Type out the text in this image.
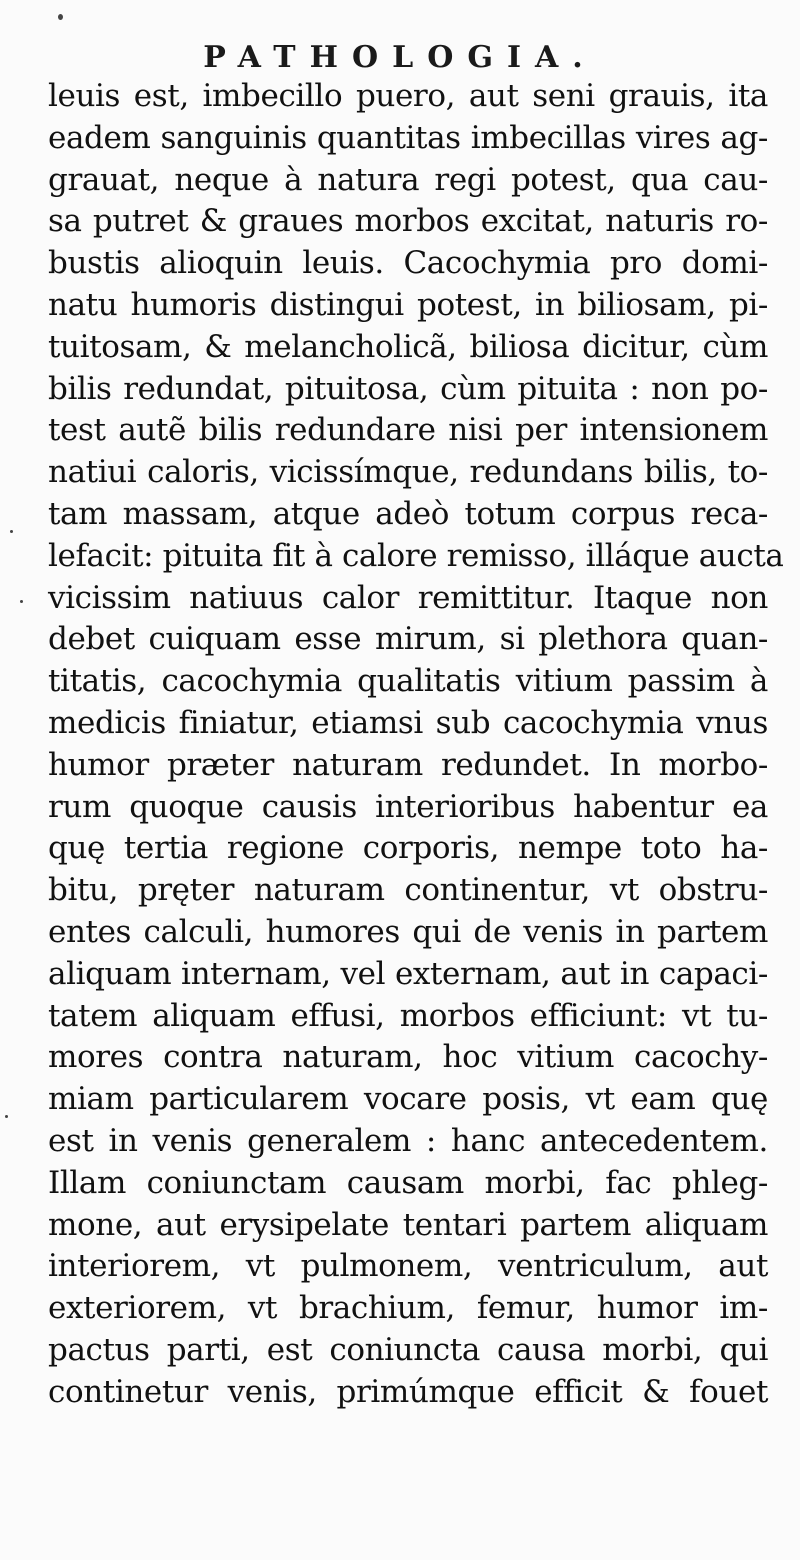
PATHOLOGIA.
leuis est, imbecillo puero, aut seni grauis, ita
eadem sanguinis quantitas imbecillas vires ag-
grauat, neque à natura regi potest, qua cau-
sa putret & graues morbos excitat, naturis ro-
bustis alioquin leuis. Cacochymia pro domi-
natu humoris distingui potest, in biliosam, pi-
tuitosam, & melancholicã, biliosa dicitur, cùm
bilis redundat, pituitosa, cùm pituita : non po-
test autẽ bilis redundare nisi per intensionem
natiui caloris, vicissímque, redundans bilis, to-
tam massam, atque adeò totum corpus reca-
lefacit: pituita fit à calore remisso, illáque aucta
vicissim natiuus calor remittitur. Itaque non
debet cuiquam esse mirum, si plethora quan-
titatis, cacochymia qualitatis vitium passim à
medicis finiatur, etiamsi sub cacochymia vnus
humor præter naturam redundet. In morbo-
rum quoque causis interioribus habentur ea
quę tertia regione corporis, nempe toto ha-
bitu, pręter naturam continentur, vt obstru-
entes calculi, humores qui de venis in partem
aliquam internam, vel externam, aut in capaci-
tatem aliquam effusi, morbos efficiunt: vt tu-
mores contra naturam, hoc vitium cacochy-
miam particularem vocare posis, vt eam quę
est in venis generalem : hanc antecedentem.
Illam coniunctam causam morbi, fac phleg-
mone, aut erysipelate tentari partem aliquam
interiorem, vt pulmonem, ventriculum, aut
exteriorem, vt brachium, femur, humor im-
pactus parti, est coniuncta causa morbi, qui
continetur venis, primúmque efficit & fouet
